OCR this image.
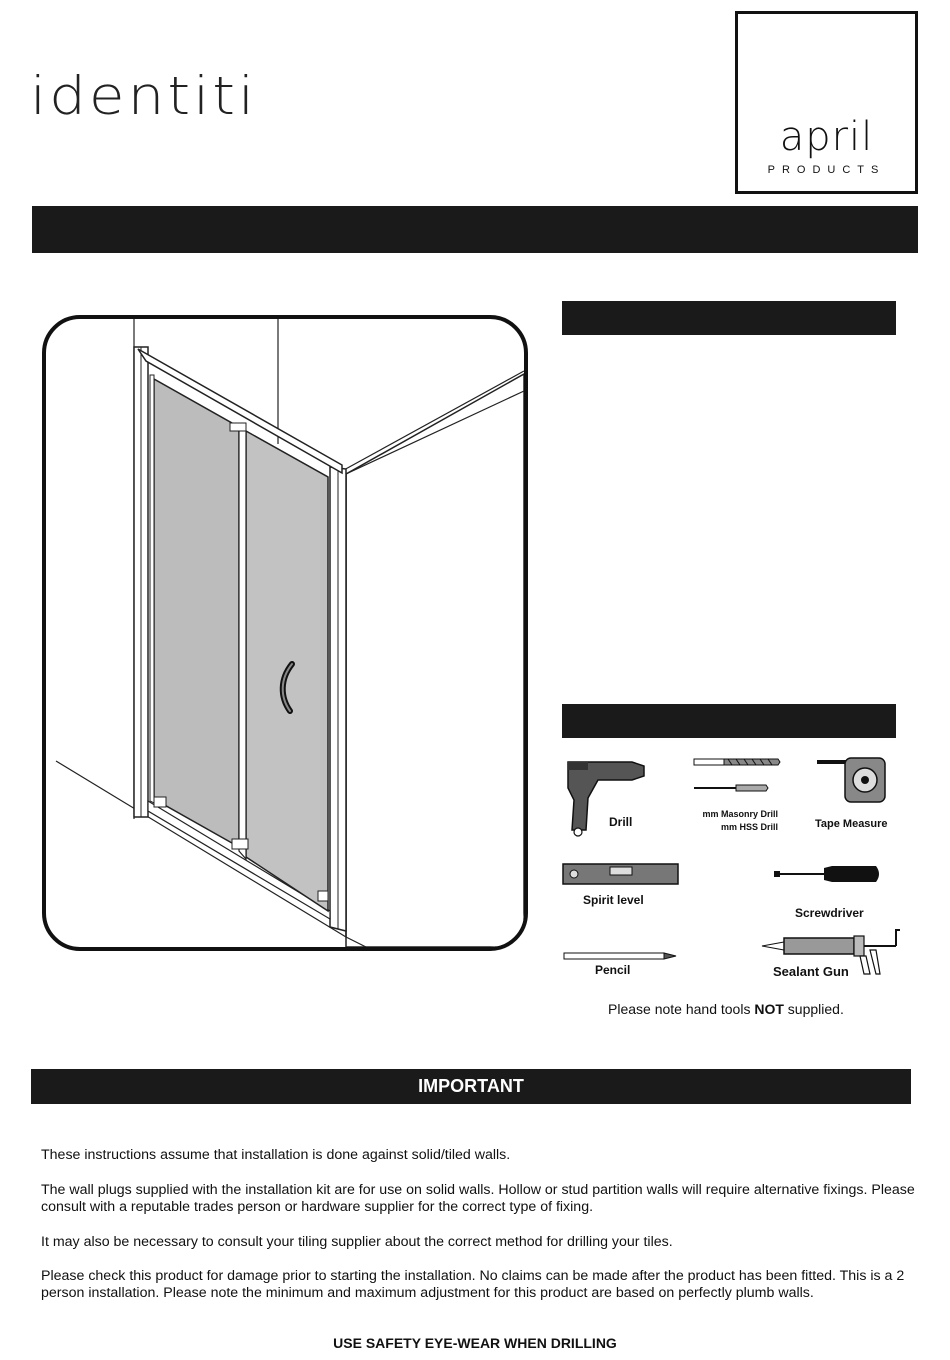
identiti
april
PRODUCTS
Drill
mm Masonry Drill
mm HSS Drill	Tape Measure
Spirit level
Screwdriver
Pencil	Sealant Gun
Please note hand tools NOT supplied.
IMPORTANT
These instructions assume that installation is done against solid/tiled walls.
The wall plugs supplied with the installation kit are for use on solid walls. Hollow or stud partition walls will require alternative fixings. Please consult with a reputable trades person or hardware supplier for the correct type of fixing.
It may also be necessary to consult your tiling supplier about the correct method for drilling your tiles.
Please check this product for damage prior to starting the installation. No claims can be made after the product has been fitted. This is a 2 person installation. Please note the minimum and maximum adjustment for this product are based on perfectly plumb walls.
USE SAFETY EYE-WEAR WHEN DRILLING
